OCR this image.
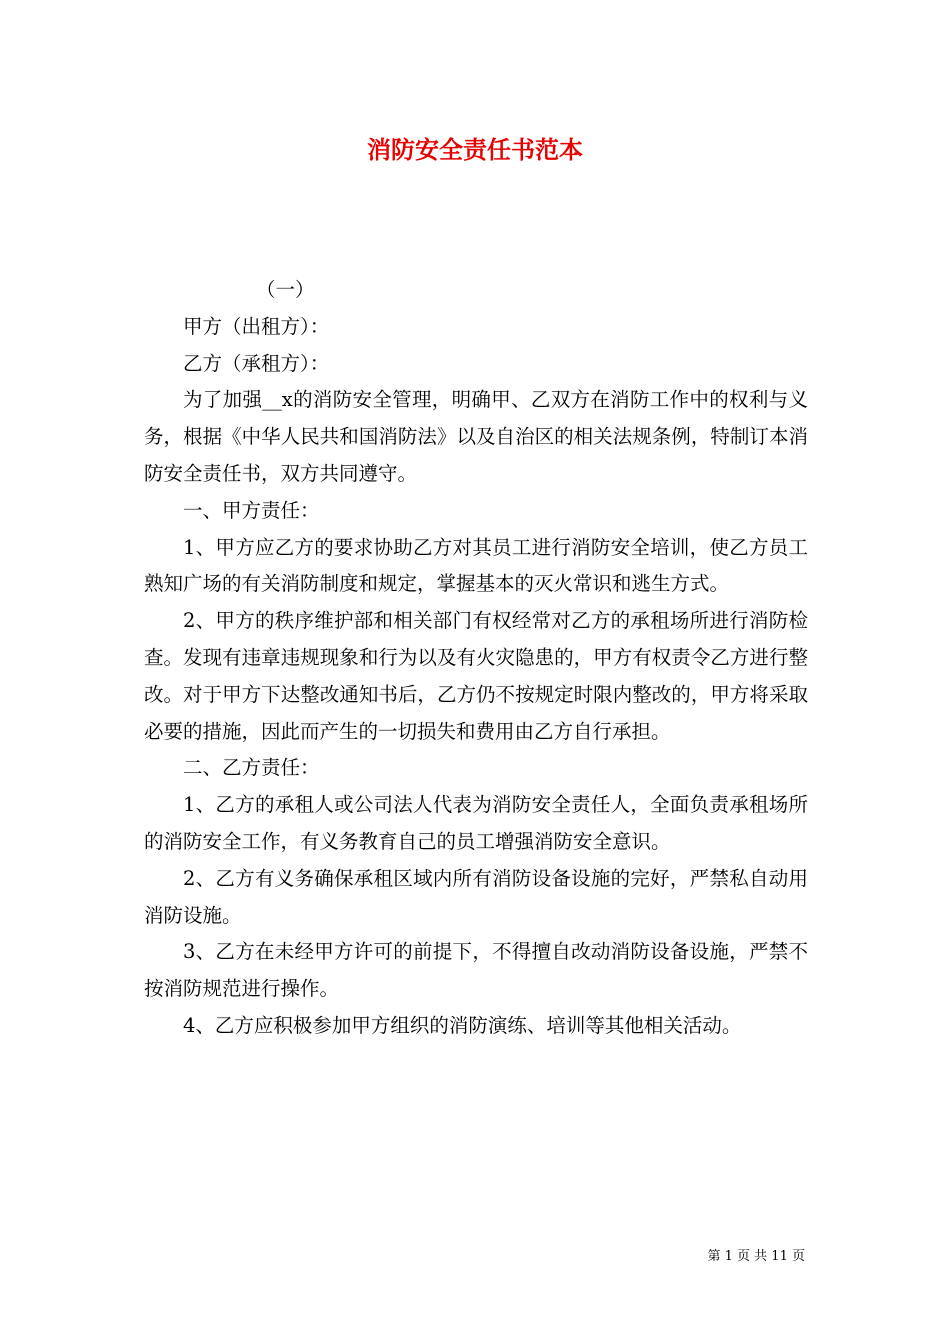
消防安全责任书范本

（一）

甲方（出租方）：

乙方（承租方）：

为了加强__x的消防安全管理，明确甲、乙双方在消防工作中的权利与义务，根据《中华人民共和国消防法》以及自治区的相关法规条例，特制订本消防安全责任书，双方共同遵守。

一、甲方责任：

1、甲方应乙方的要求协助乙方对其员工进行消防安全培训，使乙方员工熟知广场的有关消防制度和规定，掌握基本的灭火常识和逃生方式。

2、甲方的秩序维护部和相关部门有权经常对乙方的承租场所进行消防检查。发现有违章违规现象和行为以及有火灾隐患的，甲方有权责令乙方进行整改。对于甲方下达整改通知书后，乙方仍不按规定时限内整改的，甲方将采取必要的措施，因此而产生的一切损失和费用由乙方自行承担。

二、乙方责任：

1、乙方的承租人或公司法人代表为消防安全责任人，全面负责承租场所的消防安全工作，有义务教育自己的员工增强消防安全意识。

2、乙方有义务确保承租区域内所有消防设备设施的完好，严禁私自动用消防设施。

3、乙方在未经甲方许可的前提下，不得擅自改动消防设备设施，严禁不按消防规范进行操作。

4、乙方应积极参加甲方组织的消防演练、培训等其他相关活动。

第 1 页 共 11 页
